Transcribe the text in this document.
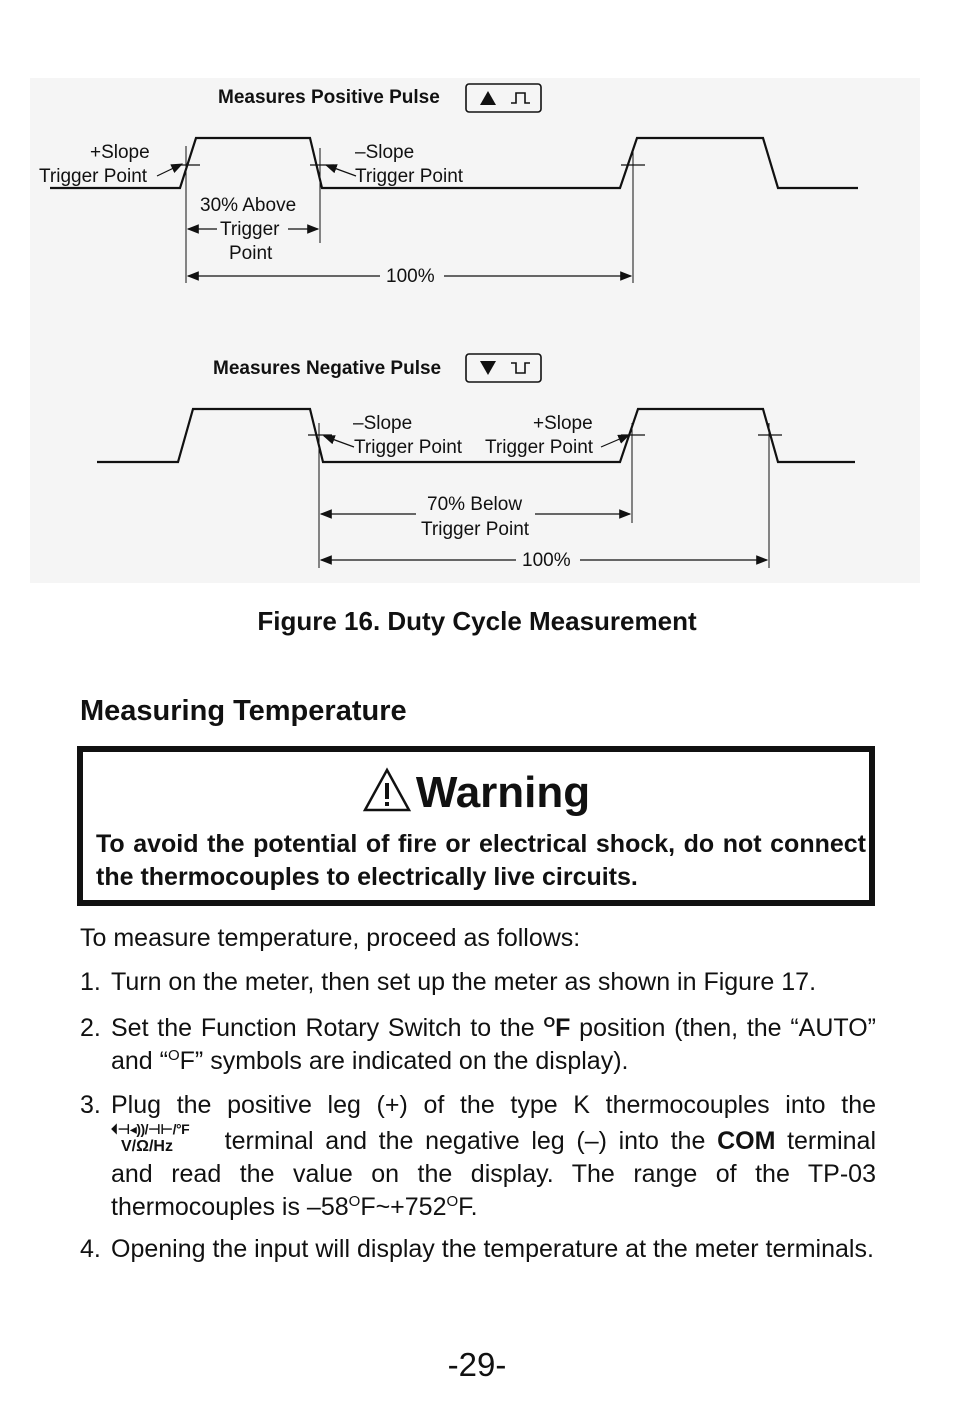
Measures Positive Pulse
+Slope
Trigger Point
–Slope
Trigger Point
30% Above
Trigger
Point
100%
Measures Negative Pulse
–Slope
Trigger Point
+Slope
Trigger Point
70% Below
Trigger Point
100%
Figure 16. Duty Cycle Measurement
Measuring Temperature
Warning
To avoid the potential of fire or electrical shock, do not connect the thermocouples to electrically live circuits.
To measure temperature, proceed as follows:
1. Turn on the meter, then set up the meter as shown in Figure 17.
2. Set the Function Rotary Switch to the $^O$F position (then, the “AUTO” and “$^O$F” symbols are indicated on the display).
3. Plug the positive leg (+) of the type K thermocouples into the
⏴⊣◂))/⊣⊢/°F
V/Ω/Hz terminal and the negative leg (–) into the COM terminal and read the value on the display. The range of the TP-03 thermocouples is $-58^OF\sim+752^OF$.
4. Opening the input will display the temperature at the meter terminals.
-29-
